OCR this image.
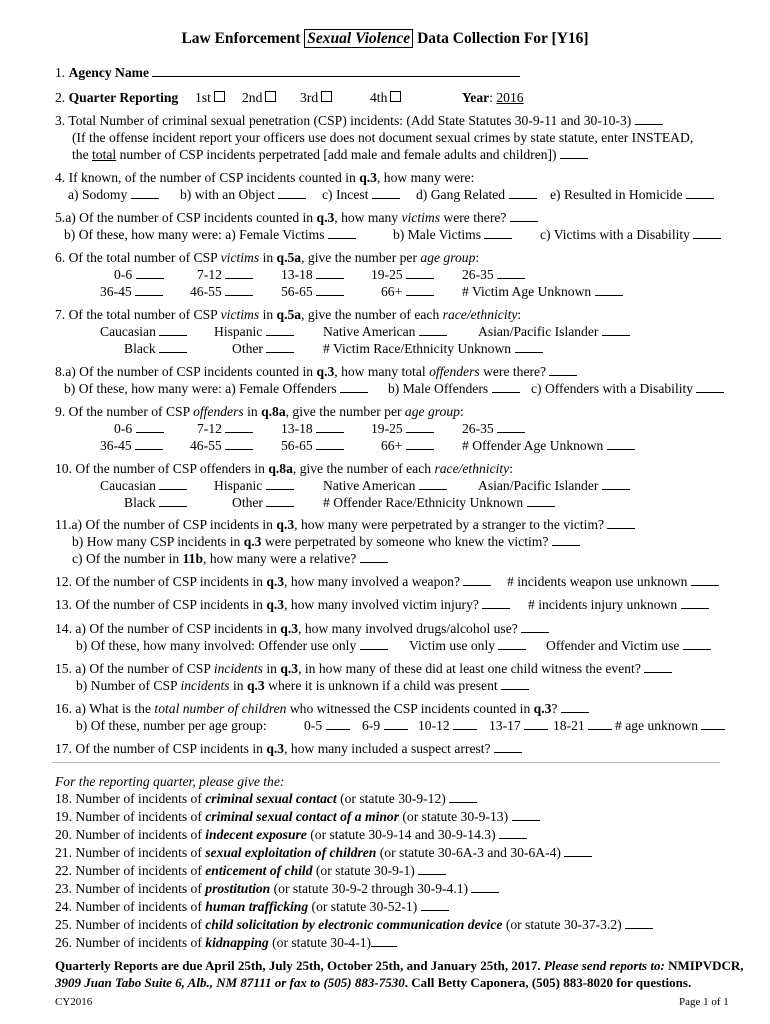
Law Enforcement Sexual Violence Data Collection For [Y16]
1. Agency Name
2. Quarter Reporting 1st	2nd	3rd	4th	Year: 2016
3. Total Number of criminal sexual penetration (CSP) incidents: (Add State Statutes 30-9-11 and 30-10-3)
(If the offense incident report your officers use does not document sexual crimes by state statute, enter INSTEAD,
the total number of CSP incidents perpetrated [add male and female adults and children])
4. If known, of the number of CSP incidents counted in q.3, how many were:
a) Sodomy	b) with an Object	c) Incest	d) Gang Related	e) Resulted in Homicide
5.a) Of the number of CSP incidents counted in q.3, how many victims were there?
b) Of these, how many were: a) Female Victims	b) Male Victims	c) Victims with a Disability
6. Of the total number of CSP victims in q.5a, give the number per age group:
0-6	7-12	13-18	19-25	26-35
36-45	46-55	56-65	66+	# Victim Age Unknown
7. Of the total number of CSP victims in q.5a, give the number of each race/ethnicity:
Caucasian	Hispanic	Native American	Asian/Pacific Islander
Black	Other	# Victim Race/Ethnicity Unknown
8.a) Of the number of CSP incidents counted in q.3, how many total offenders were there?
b) Of these, how many were: a) Female Offenders	b) Male Offenders	c) Offenders with a Disability
9. Of the number of CSP offenders in q.8a, give the number per age group:
0-6	7-12	13-18	19-25	26-35
36-45	46-55	56-65	66+	# Offender Age Unknown
10. Of the number of CSP offenders in q.8a, give the number of each race/ethnicity:
Caucasian	Hispanic	Native American	Asian/Pacific Islander
Black	Other	# Offender Race/Ethnicity Unknown
11.a) Of the number of CSP incidents in q.3, how many were perpetrated by a stranger to the victim?
b) How many CSP incidents in q.3 were perpetrated by someone who knew the victim?
c) Of the number in 11b, how many were a relative?
12. Of the number of CSP incidents in q.3, how many involved a weapon?	# incidents weapon use unknown
13. Of the number of CSP incidents in q.3, how many involved victim injury?	# incidents injury unknown
14. a) Of the number of CSP incidents in q.3, how many involved drugs/alcohol use?
b) Of these, how many involved: Offender use only	Victim use only	Offender and Victim use
15. a) Of the number of CSP incidents in q.3, in how many of these did at least one child witness the event?
b) Number of CSP incidents in q.3 where it is unknown if a child was present
16. a) What is the total number of children who witnessed the CSP incidents counted in q.3?
b) Of these, number per age group:	0-5	6-9	10-12	13-17	18-21	# age unknown
17. Of the number of CSP incidents in q.3, how many included a suspect arrest?
For the reporting quarter, please give the:
18. Number of incidents of criminal sexual contact (or statute 30-9-12)
19. Number of incidents of criminal sexual contact of a minor (or statute 30-9-13)
20. Number of incidents of indecent exposure (or statute 30-9-14 and 30-9-14.3)
21. Number of incidents of sexual exploitation of children (or statute 30-6A-3 and 30-6A-4)
22. Number of incidents of enticement of child (or statute 30-9-1)
23. Number of incidents of prostitution (or statute 30-9-2 through 30-9-4.1)
24. Number of incidents of human trafficking (or statute 30-52-1)
25. Number of incidents of child solicitation by electronic communication device (or statute 30-37-3.2)
26. Number of incidents of kidnapping (or statute 30-4-1)
Quarterly Reports are due April 25th, July 25th, October 25th, and January 25th, 2017. Please send reports to: NMIPVDCR,
3909 Juan Tabo Suite 6, Alb., NM 87111 or fax to (505) 883-7530. Call Betty Caponera, (505) 883-8020 for questions.
CY2016	Page 1 of 1
